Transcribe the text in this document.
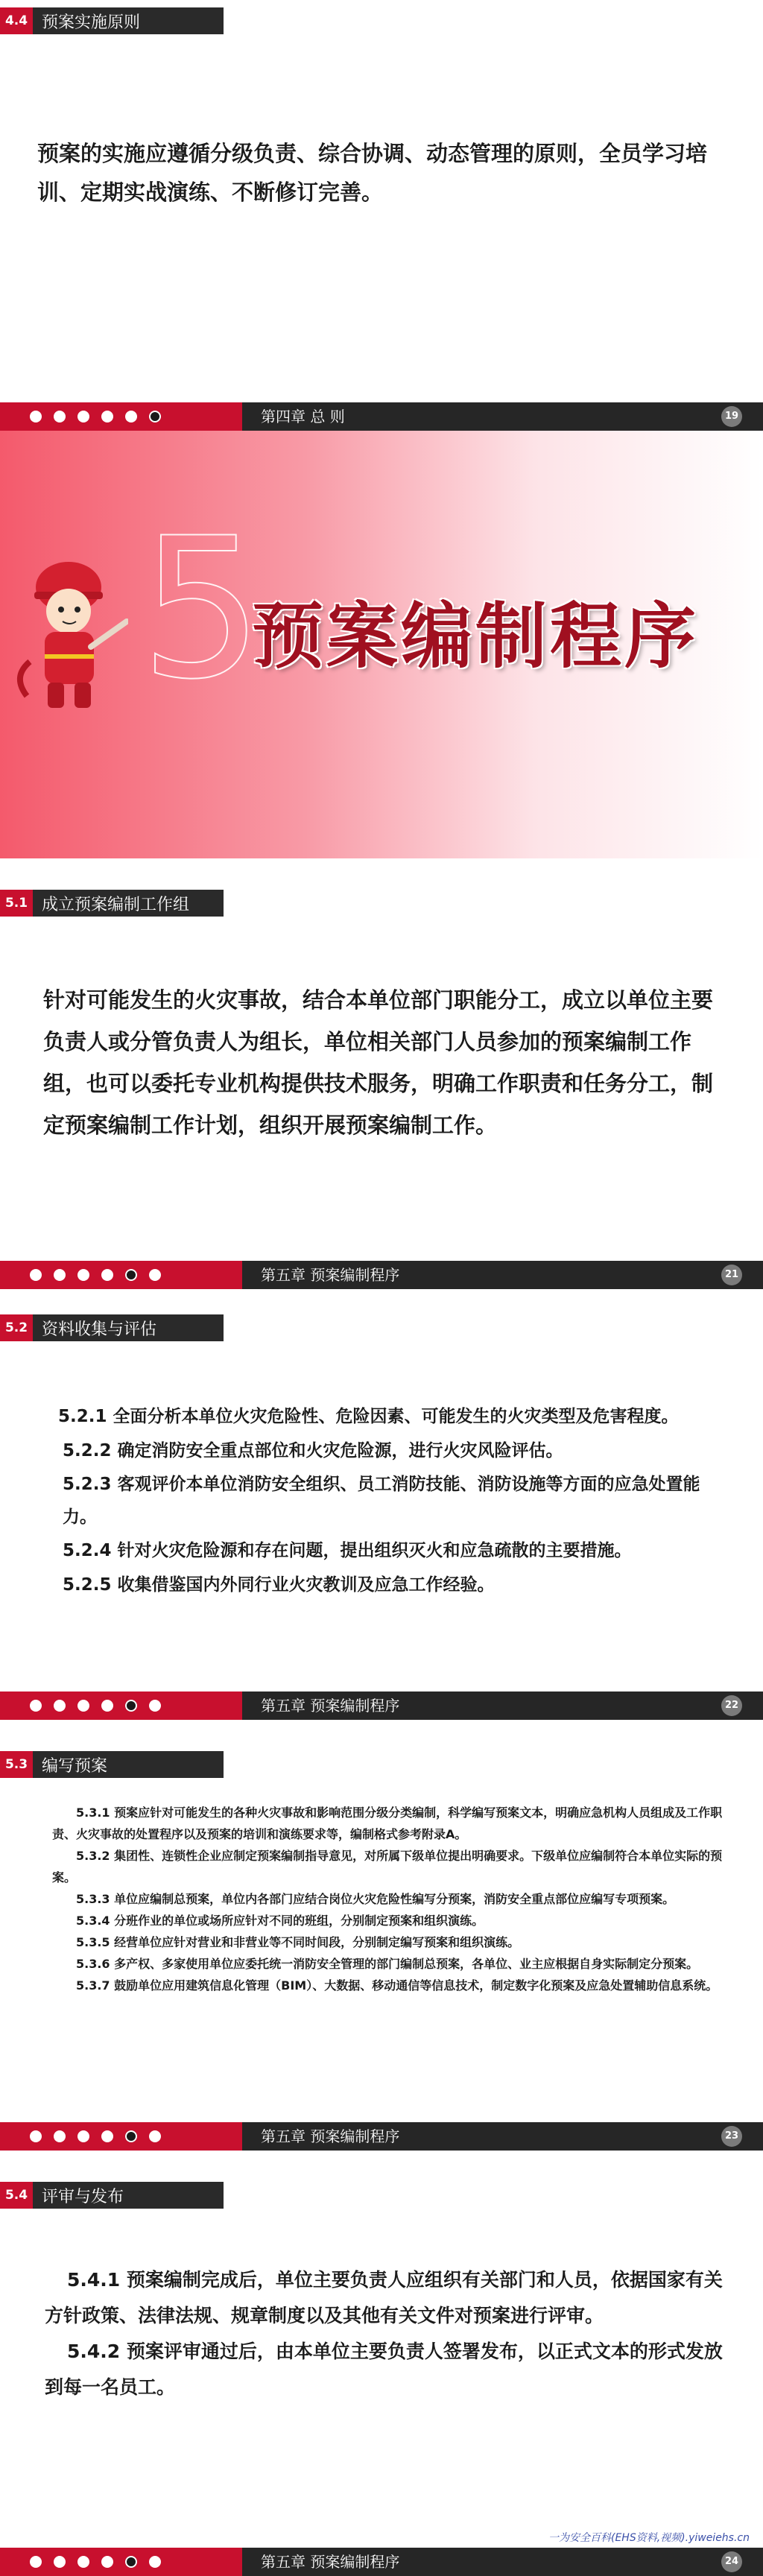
4.4 预案实施原则

预案的实施应遵循分级负责、综合协调、动态管理的原则，全员学习培训、定期实战演练、不断修订完善。

第四章 总 则	19
5
预案编制程序
5.1 成立预案编制工作组

针对可能发生的火灾事故，结合本单位部门职能分工，成立以单位主要负责人或分管负责人为组长，单位相关部门人员参加的预案编制工作组，也可以委托专业机构提供技术服务，明确工作职责和任务分工，制定预案编制工作计划，组织开展预案编制工作。

第五章 预案编制程序	21
5.2 资料收集与评估

5.2.1 全面分析本单位火灾危险性、危险因素、可能发生的火灾类型及危害程度。

5.2.2 确定消防安全重点部位和火灾危险源，进行火灾风险评估。

5.2.3 客观评价本单位消防安全组织、员工消防技能、消防设施等方面的应急处置能力。

5.2.4 针对火灾危险源和存在问题，提出组织灭火和应急疏散的主要措施。

5.2.5 收集借鉴国内外同行业火灾教训及应急工作经验。

第五章 预案编制程序	22
5.3 编写预案

5.3.1 预案应针对可能发生的各种火灾事故和影响范围分级分类编制，科学编写预案文本，明确应急机构人员组成及工作职责、火灾事故的处置程序以及预案的培训和演练要求等，编制格式参考附录A。

5.3.2 集团性、连锁性企业应制定预案编制指导意见，对所属下级单位提出明确要求。下级单位应编制符合本单位实际的预案。

5.3.3 单位应编制总预案，单位内各部门应结合岗位火灾危险性编写分预案，消防安全重点部位应编写专项预案。

5.3.4 分班作业的单位或场所应针对不同的班组，分别制定预案和组织演练。

5.3.5 经营单位应针对营业和非营业等不同时间段，分别制定编写预案和组织演练。

5.3.6 多产权、多家使用单位应委托统一消防安全管理的部门编制总预案，各单位、业主应根据自身实际制定分预案。

5.3.7 鼓励单位应用建筑信息化管理（BIM）、大数据、移动通信等信息技术，制定数字化预案及应急处置辅助信息系统。

第五章 预案编制程序	23
5.4 评审与发布

5.4.1 预案编制完成后，单位主要负责人应组织有关部门和人员，依据国家有关方针政策、法律法规、规章制度以及其他有关文件对预案进行评审。

5.4.2 预案评审通过后，由本单位主要负责人签署发布，以正式文本的形式发放到每一名员工。

一为安全百科(EHS资料,视频).yiweiehs.cn
第五章 预案编制程序	24
